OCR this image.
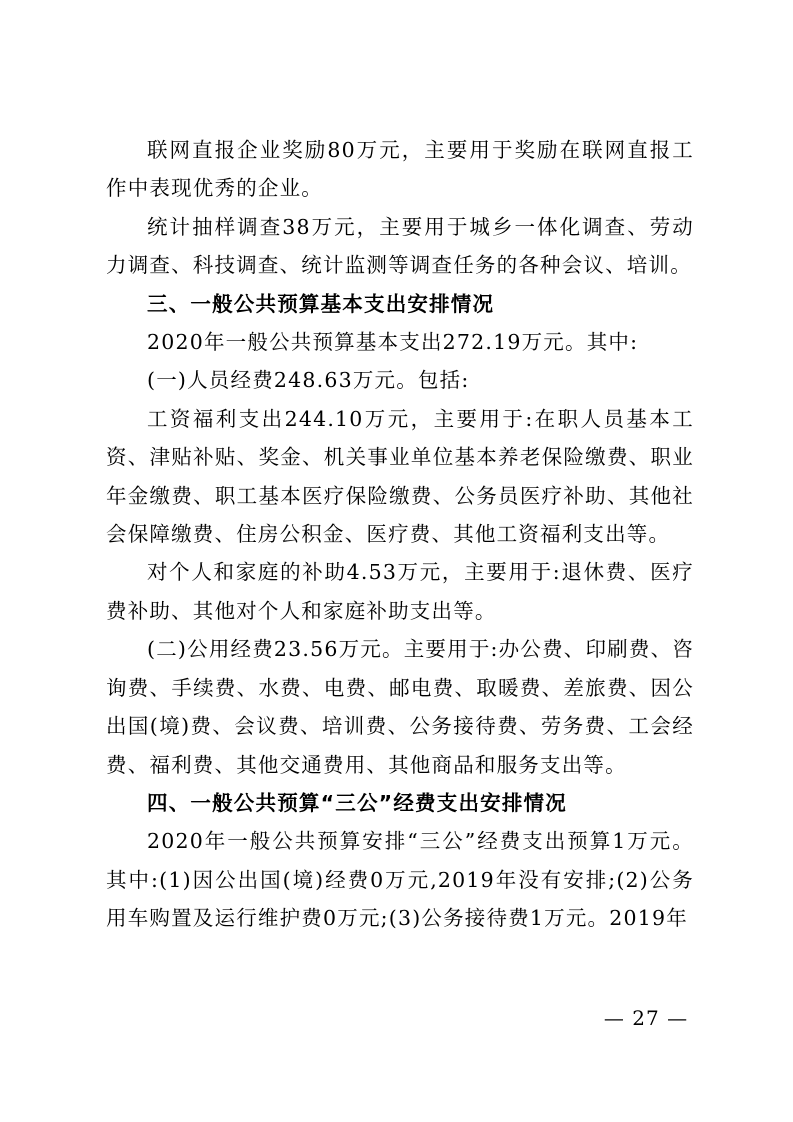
联网直报企业奖励80万元，主要用于奖励在联网直报工作中表现优秀的企业。

统计抽样调查38万元，主要用于城乡一体化调查、劳动力调查、科技调查、统计监测等调查任务的各种会议、培训。

三、一般公共预算基本支出安排情况

2020年一般公共预算基本支出272.19万元。其中:

(一)人员经费248.63万元。包括:

工资福利支出244.10万元，主要用于:在职人员基本工资、津贴补贴、奖金、机关事业单位基本养老保险缴费、职业年金缴费、职工基本医疗保险缴费、公务员医疗补助、其他社会保障缴费、住房公积金、医疗费、其他工资福利支出等。

对个人和家庭的补助4.53万元，主要用于:退休费、医疗费补助、其他对个人和家庭补助支出等。

(二)公用经费23.56万元。主要用于:办公费、印刷费、咨询费、手续费、水费、电费、邮电费、取暖费、差旅费、因公出国(境)费、会议费、培训费、公务接待费、劳务费、工会经费、福利费、其他交通费用、其他商品和服务支出等。

四、一般公共预算“三公”经费支出安排情况

2020年一般公共预算安排“三公”经费支出预算1万元。其中:(1)因公出国(境)经费0万元,2019年没有安排;(2)公务用车购置及运行维护费0万元;(3)公务接待费1万元。2019年

— 27 —
